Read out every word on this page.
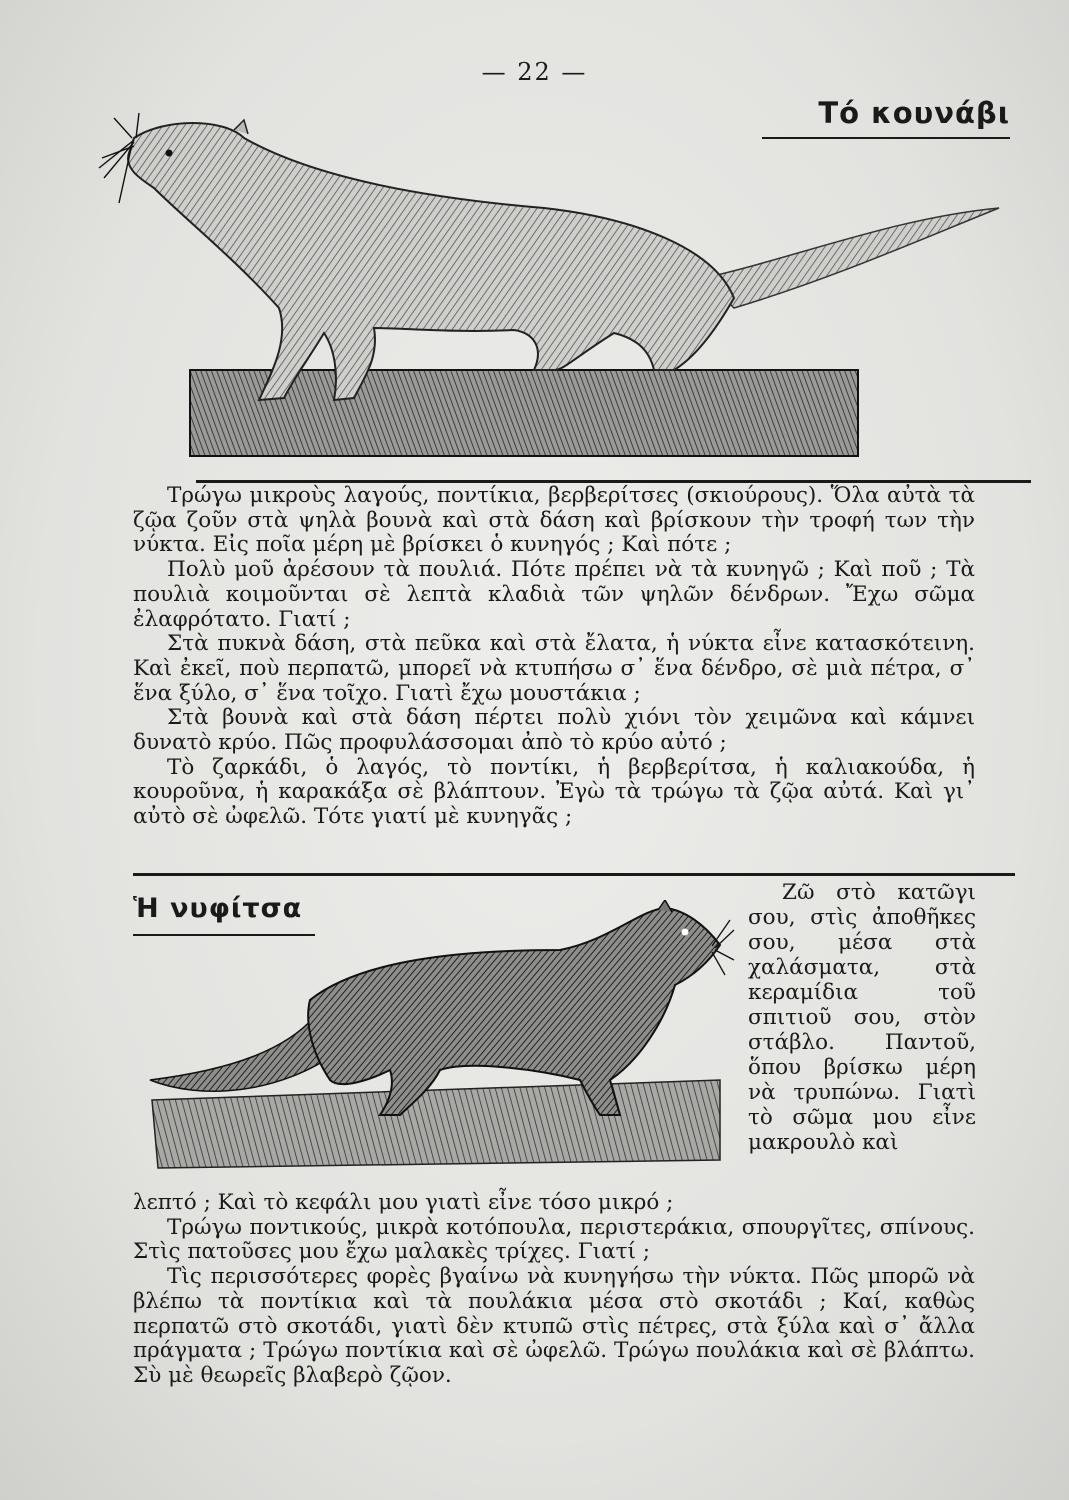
— 22 —
Τό κουνάβι

Τρώγω μικροὺς λαγούς, ποντίκια, βερβερίτσες (σκιούρους). Ὅλα αὐτὰ τὰ ζῷα ζοῦν στὰ ψηλὰ βουνὰ καὶ στὰ δάση καὶ βρίσκουν τὴν τροφή των τὴν νύκτα. Εἰς ποῖα μέρη μὲ βρίσκει ὁ κυνηγός ; Καὶ πότε ;

Πολὺ μοῦ ἀρέσουν τὰ πουλιά. Πότε πρέπει νὰ τὰ κυνηγῶ ; Καὶ ποῦ ; Τὰ πουλιὰ κοιμοῦνται σὲ λεπτὰ κλαδιὰ τῶν ψηλῶν δένδρων. Ἔχω σῶμα ἐλαφρότατο. Γιατί ;

Στὰ πυκνὰ δάση, στὰ πεῦκα καὶ στὰ ἔλατα, ἡ νύκτα εἶνε κατασκότεινη. Καὶ ἐκεῖ, ποὺ περπατῶ, μπορεῖ νὰ κτυπήσω σ᾿ ἕνα δένδρο, σὲ μιὰ πέτρα, σ᾿ ἕνα ξύλο, σ᾿ ἕνα τοῖχο. Γιατὶ ἔχω μουστάκια ;

Στὰ βουνὰ καὶ στὰ δάση πέρτει πολὺ χιόνι τὸν χειμῶνα καὶ κάμνει δυνατὸ κρύο. Πῶς προφυλάσσομαι ἀπὸ τὸ κρύο αὐτό ;

Τὸ ζαρκάδι, ὁ λαγός, τὸ ποντίκι, ἡ βερβερίτσα, ἡ καλιακούδα, ἡ κουροῦνα, ἡ καρακάξα σὲ βλάπτουν. Ἐγὼ τὰ τρώγω τὰ ζῷα αὐτά. Καὶ γι᾿ αὐτὸ σὲ ὠφελῶ. Τότε γιατί μὲ κυνηγᾶς ;

Ἡ νυφίτσα

Ζῶ στὸ κατῶγι σου, στὶς ἀποθῆκες σου, μέσα στὰ χαλάσματα, στὰ κεραμίδια τοῦ σπιτιοῦ σου, στὸν στάβλο. Παντοῦ, ὅπου βρίσκω μέρη νὰ τρυπώνω. Γιατὶ τὸ σῶμα μου εἶνε μακρουλὸ καὶ

λεπτό ; Καὶ τὸ κεφάλι μου γιατὶ εἶνε τόσο μικρό ;

Τρώγω ποντικούς, μικρὰ κοτόπουλα, περιστεράκια, σπουργῖτες, σπίνους. Στὶς πατοῦσες μου ἔχω μαλακὲς τρίχες. Γιατί ;

Τὶς περισσότερες φορὲς βγαίνω νὰ κυνηγήσω τὴν νύκτα. Πῶς μπορῶ νὰ βλέπω τὰ ποντίκια καὶ τὰ πουλάκια μέσα στὸ σκοτάδι ; Καί, καθὼς περπατῶ στὸ σκοτάδι, γιατὶ δὲν κτυπῶ στὶς πέτρες, στὰ ξύλα καὶ σ᾿ ἄλλα πράγματα ; Τρώγω ποντίκια καὶ σὲ ὠφελῶ. Τρώγω πουλάκια καὶ σὲ βλάπτω. Σὺ μὲ θεωρεῖς βλαβερὸ ζῷον.
